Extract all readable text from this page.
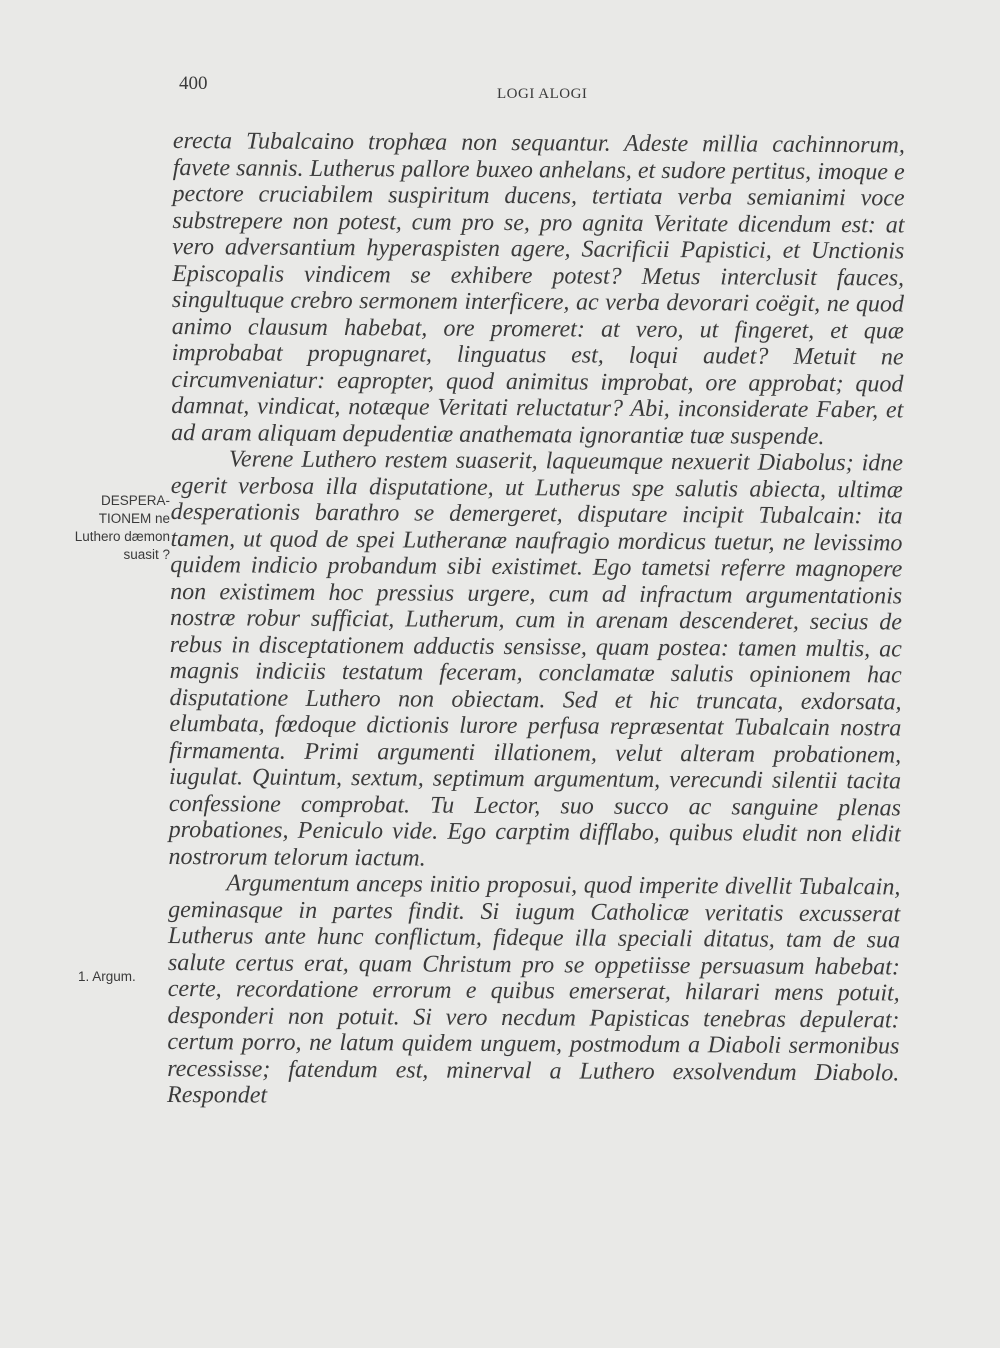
400	LOGI ALOGI
DESPERA-TIONEM ne Luthero dæmon suasit ?
1. Argum.

erecta Tubalcaino trophæa non sequantur. Adeste millia cachinnorum, favete sannis. Lutherus pallore buxeo anhelans, et sudore pertitus, imoque e pectore cruciabilem suspiritum ducens, tertiata verba semianimi voce substrepere non potest, cum pro se, pro agnita Veritate dicendum est: at vero adversantium hyperaspisten agere, Sacrificii Papistici, et Unctionis Episcopalis vindicem se exhibere potest? Metus interclusit fauces, singultuque crebro sermonem interficere, ac verba devorari coëgit, ne quod animo clausum habebat, ore promeret: at vero, ut fingeret, et quæ improbabat propugnaret, linguatus est, loqui audet? Metuit ne circumveniatur: eapropter, quod animitus improbat, ore approbat; quod damnat, vindicat, notæque Veritati reluctatur? Abi, inconsiderate Faber, et ad aram aliquam depudentiæ anathemata ignorantiæ tuæ suspende.

Verene Luthero restem suaserit, laqueumque nexuerit Diabolus; idne egerit verbosa illa disputatione, ut Lutherus spe salutis abiecta, ultimæ desperationis barathro se demergeret, disputare incipit Tubalcain: ita tamen, ut quod de spei Lutheranæ naufragio mordicus tuetur, ne levissimo quidem indicio probandum sibi existimet. Ego tametsi referre magnopere non existimem hoc pressius urgere, cum ad infractum argumentationis nostræ robur sufficiat, Lutherum, cum in arenam descenderet, secius de rebus in disceptationem adductis sensisse, quam postea: tamen multis, ac magnis indiciis testatum feceram, conclamatæ salutis opinionem hac disputatione Luthero non obiectam. Sed et hic truncata, exdorsata, elumbata, fœdoque dictionis lurore perfusa repræsentat Tubalcain nostra firmamenta. Primi argumenti illationem, velut alteram probationem, iugulat. Quintum, sextum, septimum argumentum, verecundi silentii tacita confessione comprobat. Tu Lector, suo succo ac sanguine plenas probationes, Peniculo vide. Ego carptim difflabo, quibus eludit non elidit nostrorum telorum iactum.

Argumentum anceps initio proposui, quod imperite divellit Tubalcain, geminasque in partes findit. Si iugum Catholicæ veritatis excusserat Lutherus ante hunc conflictum, fideque illa speciali ditatus, tam de sua salute certus erat, quam Christum pro se oppetiisse persuasum habebat: certe, recordatione errorum e quibus emerserat, hilarari mens potuit, desponderi non potuit. Si vero necdum Papisticas tenebras depulerat: certum porro, ne latum quidem unguem, postmodum a Diaboli sermonibus recessisse; fatendum est, minerval a Luthero exsolvendum Diabolo. Respondet
